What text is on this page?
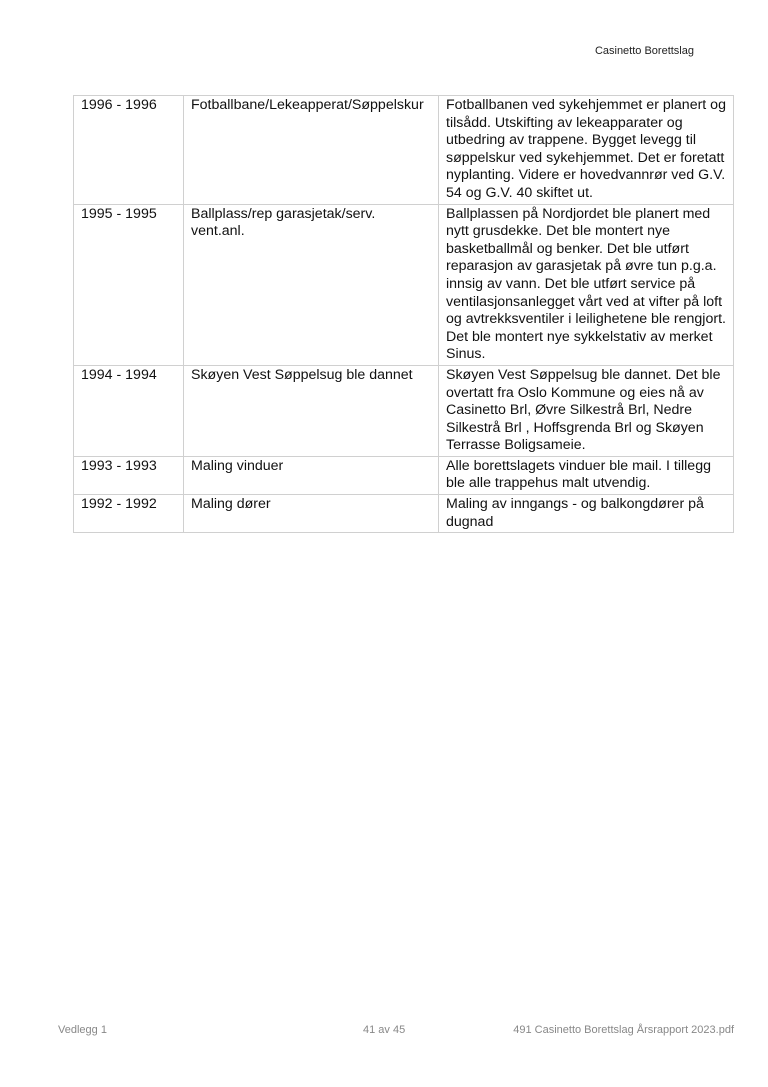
Casinetto Borettslag
1996 - 1996	Fotballbane/Lekeapperat/Søppelskur	Fotballbanen ved sykehjemmet er planert og tilsådd. Utskifting av lekeapparater og utbedring av trappene. Bygget levegg til søppelskur ved sykehjemmet. Det er foretatt nyplanting. Videre er hovedvannrør ved G.V. 54 og G.V. 40 skiftet ut.
1995 - 1995	Ballplass/rep garasjetak/serv. vent.anl.	Ballplassen på Nordjordet ble planert med nytt grusdekke. Det ble montert nye basketballmål og benker. Det ble utført reparasjon av garasjetak på øvre tun p.g.a. innsig av vann. Det ble utført service på ventilasjonsanlegget vårt ved at vifter på loft og avtrekksventiler i leilighetene ble rengjort. Det ble montert nye sykkelstativ av merket Sinus.
1994 - 1994	Skøyen Vest Søppelsug ble dannet	Skøyen Vest Søppelsug ble dannet. Det ble overtatt fra Oslo Kommune og eies nå av Casinetto Brl, Øvre Silkestrå Brl, Nedre Silkestrå Brl , Hoffsgrenda Brl og Skøyen Terrasse Boligsameie.
1993 - 1993	Maling vinduer	Alle borettslagets vinduer ble mail. I tillegg ble alle trappehus malt utvendig.
1992 - 1992	Maling dører	Maling av inngangs - og balkongdører på dugnad
Vedlegg 1	41 av 45	491 Casinetto Borettslag Årsrapport 2023.pdf
